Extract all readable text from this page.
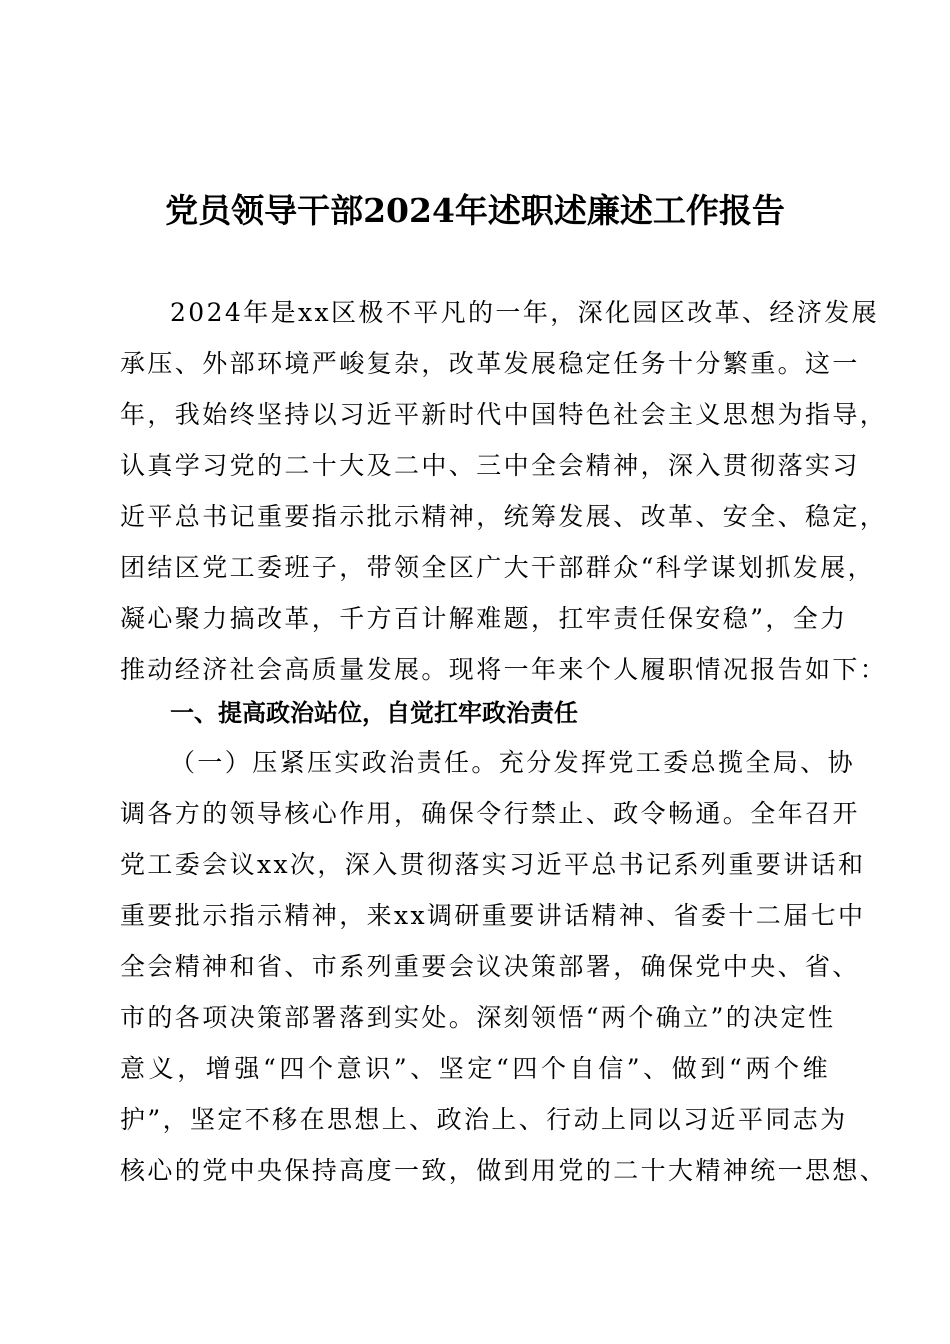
党员领导干部2024年述职述廉述工作报告
2024年是xx区极不平凡的一年，深化园区改革、经济发展
承压、外部环境严峻复杂，改革发展稳定任务十分繁重。这一
年，我始终坚持以习近平新时代中国特色社会主义思想为指导，
认真学习党的二十大及二中、三中全会精神，深入贯彻落实习
近平总书记重要指示批示精神，统筹发展、改革、安全、稳定，
团结区党工委班子，带领全区广大干部群众“科学谋划抓发展，
凝心聚力搞改革，千方百计解难题，扛牢责任保安稳”，全力
推动经济社会高质量发展。现将一年来个人履职情况报告如下：
一、提高政治站位，自觉扛牢政治责任
（一）压紧压实政治责任。充分发挥党工委总揽全局、协
调各方的领导核心作用，确保令行禁止、政令畅通。全年召开
党工委会议xx次，深入贯彻落实习近平总书记系列重要讲话和
重要批示指示精神，来xx调研重要讲话精神、省委十二届七中
全会精神和省、市系列重要会议决策部署，确保党中央、省、
市的各项决策部署落到实处。深刻领悟“两个确立”的决定性
意义，增强“四个意识”、坚定“四个自信”、做到“两个维
护”，坚定不移在思想上、政治上、行动上同以习近平同志为
核心的党中央保持高度一致，做到用党的二十大精神统一思想、
